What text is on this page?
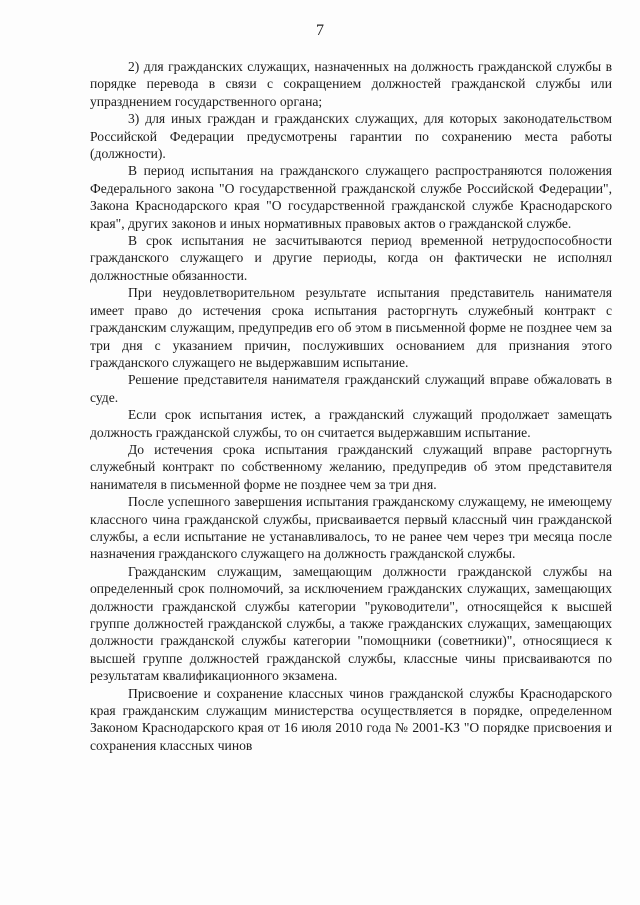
7

2) для гражданских служащих, назначенных на должность гражданской службы в порядке перевода в связи с сокращением должностей гражданской службы или упразднением государственного органа;

3) для иных граждан и гражданских служащих, для которых законодательством Российской Федерации предусмотрены гарантии по сохранению места работы (должности).

В период испытания на гражданского служащего распространяются положения Федерального закона "О государственной гражданской службе Российской Федерации", Закона Краснодарского края "О государственной гражданской службе Краснодарского края", других законов и иных нормативных правовых актов о гражданской службе.

В срок испытания не засчитываются период временной нетрудоспособности гражданского служащего и другие периоды, когда он фактически не исполнял должностные обязанности.

При неудовлетворительном результате испытания представитель нанимателя имеет право до истечения срока испытания расторгнуть служебный контракт с гражданским служащим, предупредив его об этом в письменной форме не позднее чем за три дня с указанием причин, послуживших основанием для признания этого гражданского служащего не выдержавшим испытание.

Решение представителя нанимателя гражданский служащий вправе обжаловать в суде.

Если срок испытания истек, а гражданский служащий продолжает замещать должность гражданской службы, то он считается выдержавшим испытание.

До истечения срока испытания гражданский служащий вправе расторгнуть служебный контракт по собственному желанию, предупредив об этом представителя нанимателя в письменной форме не позднее чем за три дня.

После успешного завершения испытания гражданскому служащему, не имеющему классного чина гражданской службы, присваивается первый классный чин гражданской службы, а если испытание не устанавливалось, то не ранее чем через три месяца после назначения гражданского служащего на должность гражданской службы.

Гражданским служащим, замещающим должности гражданской службы на определенный срок полномочий, за исключением гражданских служащих, замещающих должности гражданской службы категории "руководители", относящейся к высшей группе должностей гражданской службы, а также гражданских служащих, замещающих должности гражданской службы категории "помощники (советники)", относящиеся к высшей группе должностей гражданской службы, классные чины присваиваются по результатам квалификационного экзамена.

Присвоение и сохранение классных чинов гражданской службы Краснодарского края гражданским служащим министерства осуществляется в порядке, определенном Законом Краснодарского края от 16 июля 2010 года № 2001-КЗ "О порядке присвоения и сохранения классных чинов
